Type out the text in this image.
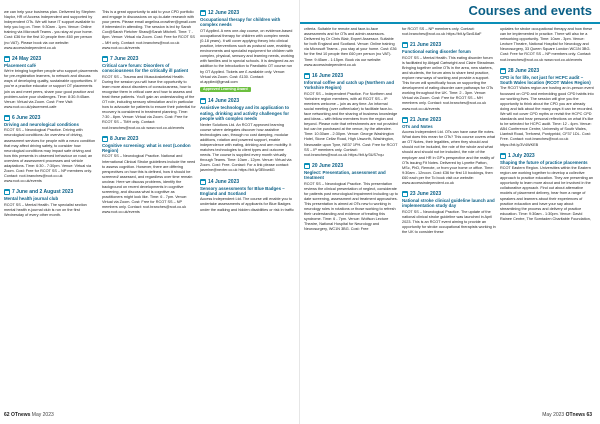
we can help your business plan. Delivered by Stephen Naylor, HR of Access Independent and supported by Independent OTs. We will have IT support available to help you log on. Time: 9:30am - 1pm. Venue: Online training via Microsoft Teams - you stay at your home. Cost: £36 for the first 10 people then £60 per person (no VAT). Please book via our website: www.accessindependent.co.uk

24 May 2023
Placement café

We're bringing together people who support placements for pre-registration learners, to network and discuss ways of developing quality, sustainable opportunities. If you're a practice educator or support OT placements join us and meet peers, share your good practice and problem-solve your challenges. Time: 8:30-9:45am. Venue: Virtual via Zoom. Cost: Free Visit: www.rcot.co.uk/placement-cafe

6 June 2023
Driving and neurological conditions

RCOT SS – Neurological Practice. Driving with neurological conditions: An overview of driving, assessment services for people with a neuro condition that may affect driving safety, to consider how neurological conditions may impact safe driving and how this presents in observed behaviour on road; an overview of assessment processes and vehicle adaptations. Time: 6:30 - 7:30pm. Venue: Virtual via Zoom. Cost: Free for RCOT SS – NP members only. Contact: rcot.branches@rcot.co.uk www.rcot.co.uk/events

7 June and 2 August 2023
Mental health journal club

RCOT SS – Mental Health. The specialist section mental health e-journal club is run on the first Wednesday of every other month.

This is a great opportunity to add to your CPD portfolio and engage in discussions on up-to-date research with your peers. Please email angelina.crowther@gmail.com if interested in attending. The session is led by Sarah Cox@Sarah Fletcher Shaw@Sarah Mitchell. Time: 7 - 8pm. Venue: Virtual via Zoom. Cost: Free for RCOT SS – MH only. Contact: rcot.branches@rcot.co.uk www.rcot.co.uk/events

7 June 2023
Critical care forum: Disorders of consciousness for the critically ill patient

RCOT SS – Trauma and Musculoskeletal Health. During the session you will have the opportunity to learn more about disorders of consciousness, how to recognise them in critical care and how to assess and treat these patients. You'll gain an understanding of the OT role, including sensory stimulation and in particular how to advocate for patients to ensure their potential for recovery is considered in treatment planning. Time: 7:30 - 8pm. Venue: Virtual via Zoom. Cost: Free for RCOT SS – TMH only. Contact: rcot.branches@rcot.co.uk www.rcot.co.uk/events

8 June 2023
Cognitive screening: what is next (London Region)

RCOT SS – Neurological Practice. National and International Clinical Stroke guidelines include the need to assess cognition. However, there are differing perspectives on how this is defined, how it should be screened/ assessed, and regardless over time remain unclear. Here we discuss problems, identify the background on recent developments in cognitive screening, and discuss what is cognitive as practitioners might look like. Time: 6 - 7pm. Venue: Virtual via Zoom. Cost: Free for RCOT SS – NP members only. Contact: rcot.branches@rcot.co.uk www.rcot.co.uk/events

12 June 2023
Occupational therapy for children with complex needs

OT Applied. A new one-day course, on evidence-based occupational therapy for children with complex needs (0-18 years). It will cover applying theory into clinical practice, interventions such as postural care, enabling environments and specialist equipment for children with complex, physical, sensory and learning needs, working with families and in special schools. It is designed as an addition to the Introduction to Paediatric OT course run by OT Applied. Tickets are £ available only. Venue: Virtual via Zoom. Cost: £130. Contact: ot.applied@gmail.com

Approved Learning Award
14 June 2023
Assistive technology and its application to eating, drinking and activity challenges for people with complex needs

Nexter Solutions Ltd. An RCOT approved learning course where delegates discover how assistive technologies can, through no cost damping, modular additions, rotation and powered support, enable independence with eating, drinking and arm mobility. It matches technologies to client types and outcome needs. The course is supplied every month virtually through Teams. Time: 10am - 12pm. Venue: Virtual via Zoom. Cost: Free. Contact: For a link please contact: jasmine@nexter.co.uk https://bit.ly/3Eiixw6G

14 June 2023
Sensory assessments for Blue Badges – England and Scotland

Access Independent Ltd. The course will enable you to undertake assessments of applicants for Blue Badges under the walking and hidden disabilities or risk in traffic

62 OTnews May 2023
Courses and events

criteria. Suitable for remote and face-to-face assessments and for OTs and admin assessors. Delivered by Dr Chris Blair, Expert Assessor. Suitable for both England and Scotland. Venue: Online training via Microsoft Teams - you stay at your home. Cost: £36 for the first 10 people then £60 per person (no VAT). Time: 9:45am - 1:15pm. Book via our website: www.accessindependent.co.uk

16 June 2023
Informal coffee and catch up (Northern and Yorkshire Region)

RCOT SS – Independent Practice. For Northern and Yorkshire region members, with all RCOT SS – IP members welcome – join as any time. An informal social meeting (over coffee/cake) to facilitate face-to-face networking and the sharing of business knowledge and ideas – with fellow members from the region and beyond. Please note that refreshments are not provided but can be purchased at the venue, by the attendee. Time: 10:30am - 2:30pm. Venue: George Washington Hotel, Stone Cellar Road, High Usworth, Washington, Newcastle upon Tyne, NE37 1PH. Cost: Free for RCOT SS – IP members only. Contact: rcot.branches@rcot.co.uk https://bit.ly/3US7rqu

20 June 2023
Neglect: Presentation, assessment and treatment

RCOT SS – Neurological Practice. This presentation reviews the clinical presentation of neglect, considerate for patients post neurological impairment including up to date screening, assessment and treatment approaches. This presentation is aimed at OTs new to working in neurology roles in rotations or those working to refresh their understanding and evidence of treating this syndrome. Time: 6 - 7pm. Venue: Wolfson Lecture Theatre, National Hospital for Neurology and Neurosurgery, WC1N 3BG. Cost: Free

for RCOT SS – NP members only. Contact: rcot.branches@rcot.co.uk https://bit.ly/3zd16aF

21 June 2023
Functional eating disorder forum

RCOT SS – Mental Health. This eating disorder forum is facilitated by Abigail Cartwright and Claire Steadman. Bringing together online OTs in the area, new starters, and students, the forum aims to share best practice, explore new ways of working and provide a support. This forum will specifically focus on supporting the development of eating disorder care pathways for OTs working throughout the UK. Time: 2 - 3pm. Venue: Virtual via Zoom. Cost: Free for RCOT SS – MH members only. Contact: rcot.branches@rcot.co.uk www.rcot.co.uk/events

21 June 2023
OTs and Notes

Access Independent Ltd. OTs can have case file notes. What does this mean for OTs? This course covers what an OT Notes, their legalities, when they should and should not be included, the role of the whole and what should and should not be included, the role of the employer and HR in GP's perspective and the reality of OTs issuing Fit Notes. Delivered by Lynette Patton, MSc, PhD, Remote, or from your home or office. Time: 9:30am - 12noon. Cost: £36 for first 10 bookings, then £60 each per the To book visit our website: www.accessindependent.co.uk

23 June 2023
National stroke clinical guideline launch and implementation study day

RCOT SS – Neurological Practice. The update of the national clinical stroke guideline was launched in April 2023. This is an RCOT event aiming to provide an opportunity for stroke occupational therapists working in the UK to consider these

updates for stroke occupational therapy and how these can be implemented in practice. There will also be a networking opportunity. Time: 10am - 3pm. Venue: Lecture Theatre, National Hospital for Neurology and Neurosurgery, 33 Queen Square London WC1N 3BG. Cost: Free for RCOT SS – NP members only. Contact: rcot.branches@rcot.co.uk www.rcot.co.uk/events

28 June 2023
CPD is for life, not just for HCPC audit – South Wales location (RCOT Wales Region)

The RCOT Wales region are hosting an in-person event focussed on CPD and embedding good CPD habits into our working lives. The session will give you the opportunity to think about the CPD you are already doing and talk about the many ways it can be recorded. We will not cover CPD myths or revisit the HCPC CPD standards and hear personal reflections on what it's like to be selected for HCPC audit. Time: 12 - 4pm. Venue: AB4 Conference Centre, University of South Wales, Llantwit Road, Treforest, Pontypridd, CF37 1DL. Cost: Free. Contact: rcot.branches@rcot.co.uk https://bit.ly/3V4WKEB

1 July 2023
Shaping the future of practice placements

RCOT Eastern Region. Universities within the Eastern region are working together to develop a collective approach to practice education. They are presenting an opportunity to learn more about and be involved in the collaborative approach. Find out about alternative models of placement delivery, hear from a range of speakers and learners about their experiences of practice education and have your say about streamlining the process and delivery of practice education. Time: 9:30am - 1:30pm. Venue: David Rainee Centre, The Somtaden Charitable Foundation,

May 2023 OTnews 63
